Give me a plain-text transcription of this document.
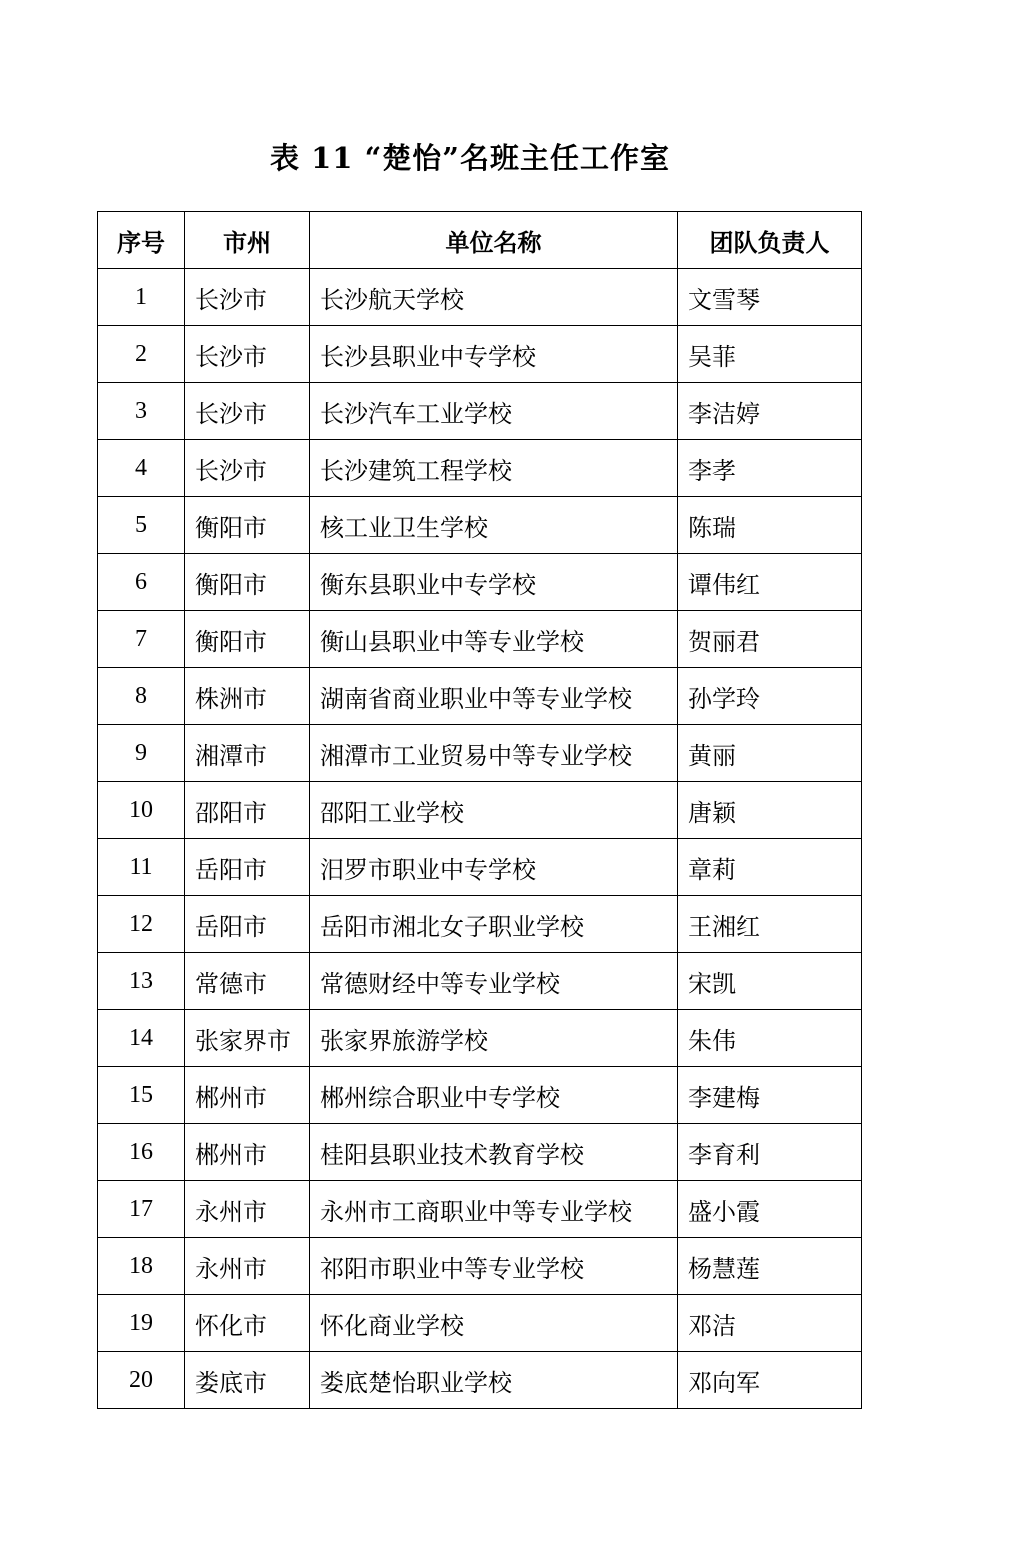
表 11 “楚怡”名班主任工作室
序号	市州	单位名称	团队负责人
1	长沙市	长沙航天学校	文雪琴
2	长沙市	长沙县职业中专学校	吴菲
3	长沙市	长沙汽车工业学校	李洁婷
4	长沙市	长沙建筑工程学校	李孝
5	衡阳市	核工业卫生学校	陈瑞
6	衡阳市	衡东县职业中专学校	谭伟红
7	衡阳市	衡山县职业中等专业学校	贺丽君
8	株洲市	湖南省商业职业中等专业学校	孙学玲
9	湘潭市	湘潭市工业贸易中等专业学校	黄丽
10	邵阳市	邵阳工业学校	唐颖
11	岳阳市	汨罗市职业中专学校	章莉
12	岳阳市	岳阳市湘北女子职业学校	王湘红
13	常德市	常德财经中等专业学校	宋凯
14	张家界市	张家界旅游学校	朱伟
15	郴州市	郴州综合职业中专学校	李建梅
16	郴州市	桂阳县职业技术教育学校	李育利
17	永州市	永州市工商职业中等专业学校	盛小霞
18	永州市	祁阳市职业中等专业学校	杨慧莲
19	怀化市	怀化商业学校	邓洁
20	娄底市	娄底楚怡职业学校	邓向军
